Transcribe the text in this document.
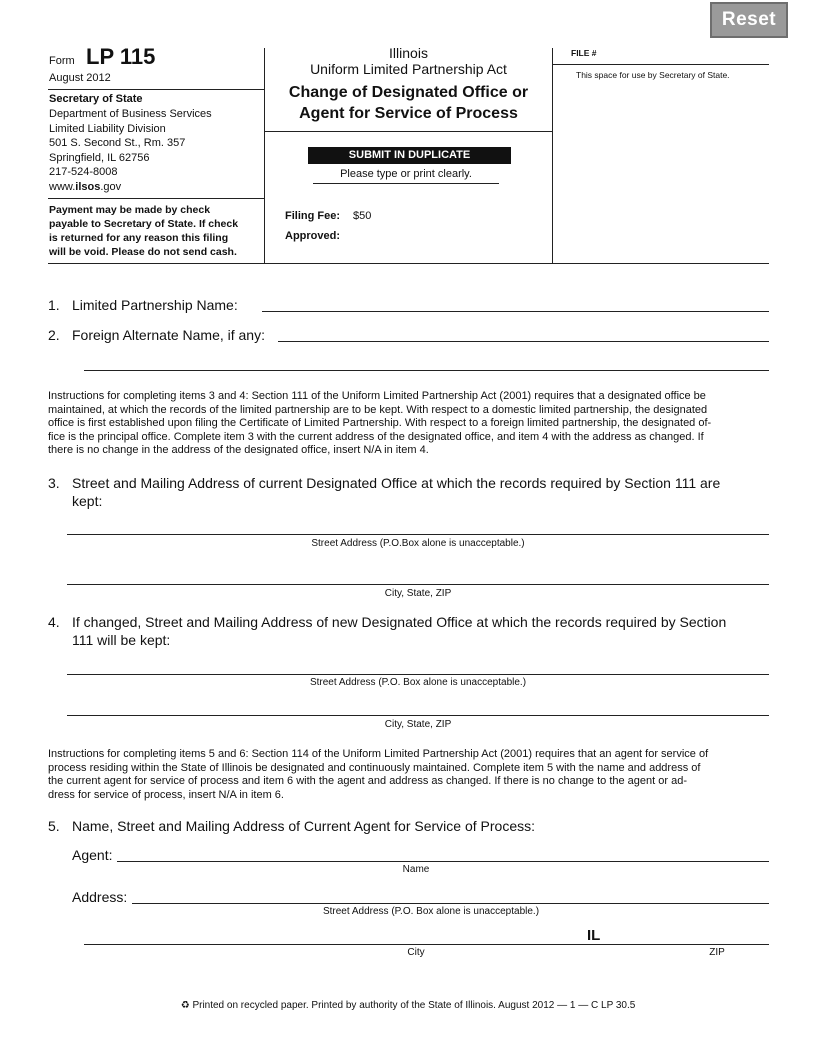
Reset
Form LP 115
August 2012
Secretary of State
Department of Business Services
Limited Liability Division
501 S. Second St., Rm. 357
Springfield, IL 62756
217-524-8008
www.ilsos.gov
Payment may be made by check
payable to Secretary of State. If check
is returned for any reason this filing
will be void. Please do not send cash.
Illinois
Uniform Limited Partnership Act
Change of Designated Office or
Agent for Service of Process
SUBMIT IN DUPLICATE
Please type or print clearly.
Filing Fee: $50
Approved:
FILE #
This space for use by Secretary of State.
1. Limited Partnership Name:
2. Foreign Alternate Name, if any:
Instructions for completing items 3 and 4: Section 111 of the Uniform Limited Partnership Act (2001) requires that a designated office be
maintained, at which the records of the limited partnership are to be kept. With respect to a domestic limited partnership, the designated
office is first established upon filing the Certificate of Limited Partnership. With respect to a foreign limited partnership, the designated of-
fice is the principal office. Complete item 3 with the current address of the designated office, and item 4 with the address as changed. If
there is no change in the address of the designated office, insert N/A in item 4.
3. Street and Mailing Address of current Designated Office at which the records required by Section 111 are
kept:
Street Address (P.O.Box alone is unacceptable.)
City, State, ZIP
4. If changed, Street and Mailing Address of new Designated Office at which the records required by Section
111 will be kept:
Street Address (P.O. Box alone is unacceptable.)
City, State, ZIP
Instructions for completing items 5 and 6: Section 114 of the Uniform Limited Partnership Act (2001) requires that an agent for service of
process residing within the State of Illinois be designated and continuously maintained. Complete item 5 with the name and address of
the current agent for service of process and item 6 with the agent and address as changed. If there is no change to the agent or ad-
dress for service of process, insert N/A in item 6.
5. Name, Street and Mailing Address of Current Agent for Service of Process:
Agent:
Name
Address:
Street Address (P.O. Box alone is unacceptable.)
IL
City	ZIP
♻ Printed on recycled paper. Printed by authority of the State of Illinois. August 2012 — 1 — C LP 30.5
